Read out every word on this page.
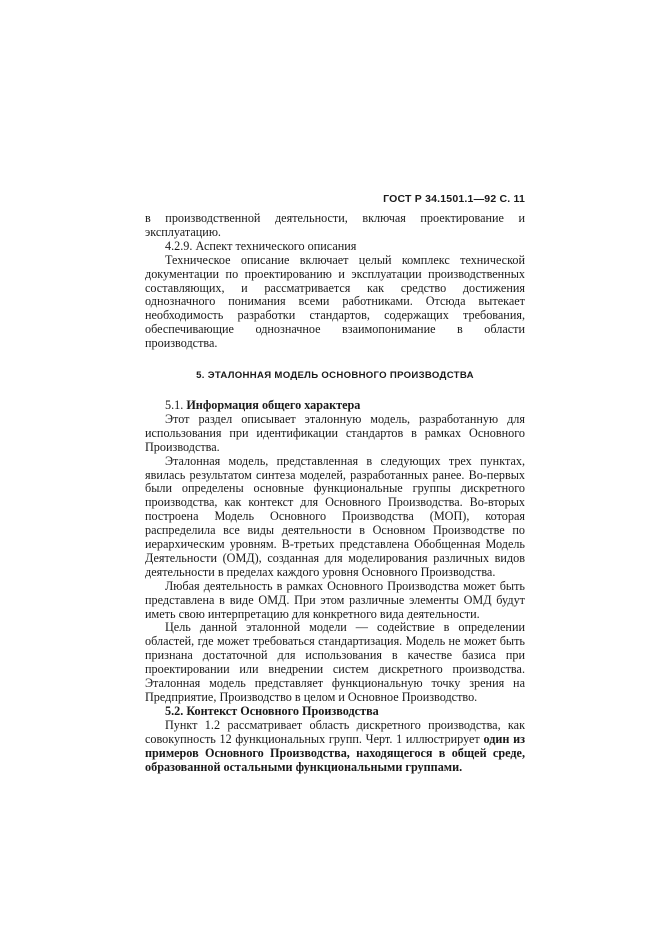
ГОСТ Р 34.1501.1—92 С. 11

в производственной деятельности, включая проектирование и эксплуатацию.

4.2.9. Аспект технического описания

Техническое описание включает целый комплекс технической документации по проектированию и эксплуатации производственных составляющих, и рассматривается как средство достижения однозначного понимания всеми работниками. Отсюда вытекает необходимость разработки стандартов, содержащих требования, обеспечивающие однозначное взаимопонимание в области производства.

5. ЭТАЛОННАЯ МОДЕЛЬ ОСНОВНОГО ПРОИЗВОДСТВА

5.1. Информация общего характера

Этот раздел описывает эталонную модель, разработанную для использования при идентификации стандартов в рамках Основного Производства.

Эталонная модель, представленная в следующих трех пунктах, явилась результатом синтеза моделей, разработанных ранее. Во-первых были определены основные функциональные группы дискретного производства, как контекст для Основного Производства. Во-вторых построена Модель Основного Производства (МОП), которая распределила все виды деятельности в Основном Производстве по иерархическим уровням. В-третьих представлена Обобщенная Модель Деятельности (ОМД), созданная для моделирования различных видов деятельности в пределах каждого уровня Основного Производства.

Любая деятельность в рамках Основного Производства может быть представлена в виде ОМД. При этом различные элементы ОМД будут иметь свою интерпретацию для конкретного вида деятельности.

Цель данной эталонной модели — содействие в определении областей, где может требоваться стандартизация. Модель не может быть признана достаточной для использования в качестве базиса при проектировании или внедрении систем дискретного производства. Эталонная модель представляет функциональную точку зрения на Предприятие, Производство в целом и Основное Производство.

5.2. Контекст Основного Производства

Пункт 1.2 рассматривает область дискретного производства, как совокупность 12 функциональных групп. Черт. 1 иллюстрирует один из примеров Основного Производства, находящегося в общей среде, образованной остальными функциональными группами.
